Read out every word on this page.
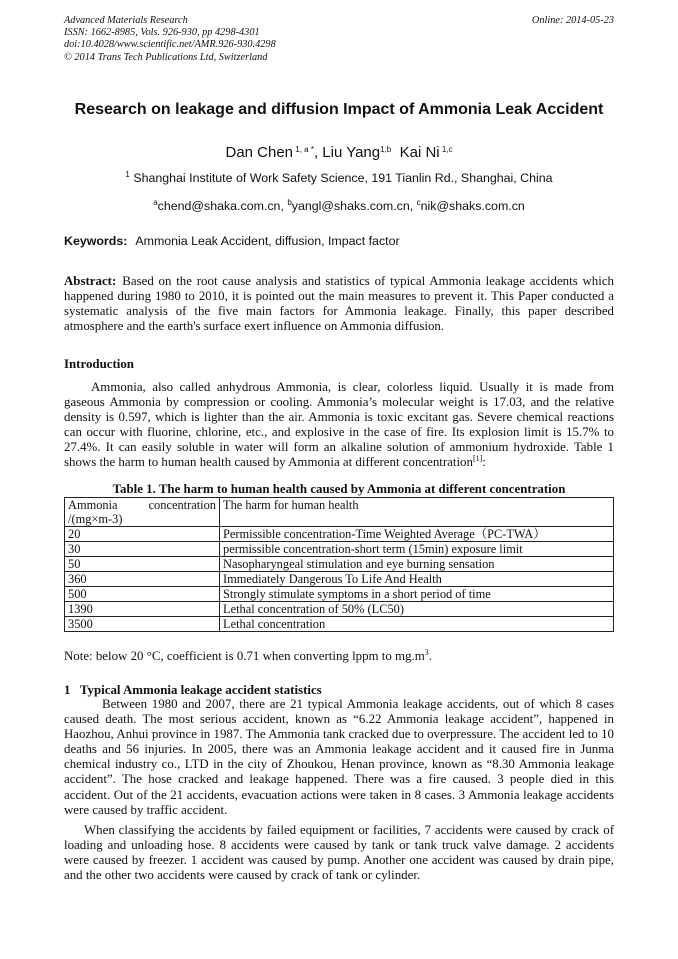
Advanced Materials Research
ISSN: 1662-8985, Vols. 926-930, pp 4298-4301
doi:10.4028/www.scientific.net/AMR.926-930.4298
© 2014 Trans Tech Publications Ltd, Switzerland
Online: 2014-05-23
Research on leakage and diffusion Impact of Ammonia Leak Accident
Dan Chen $^{1, a *}$, Liu Yang$^{1,b}$ Kai Ni $^{1,c}$
$^1$ Shanghai Institute of Work Safety Science, 191 Tianlin Rd., Shanghai, China
$^a$chend@shaka.com.cn, $^b$yangl@shaks.com.cn, $^c$nik@shaks.com.cn
Keywords: Ammonia Leak Accident, diffusion, Impact factor
Abstract: Based on the root cause analysis and statistics of typical Ammonia leakage accidents which happened during 1980 to 2010, it is pointed out the main measures to prevent it. This Paper conducted a systematic analysis of the five main factors for Ammonia leakage. Finally, this paper described atmosphere and the earth's surface exert influence on Ammonia diffusion.
Introduction
Ammonia, also called anhydrous Ammonia, is clear, colorless liquid. Usually it is made from gaseous Ammonia by compression or cooling. Ammonia’s molecular weight is 17.03, and the relative density is 0.597, which is lighter than the air. Ammonia is toxic excitant gas. Severe chemical reactions can occur with fluorine, chlorine, etc., and explosive in the case of fire. Its explosion limit is 15.7% to 27.4%. It can easily soluble in water will form an alkaline solution of ammonium hydroxide. Table 1 shows the harm to human health caused by Ammonia at different concentration[1]:
Table 1. The harm to human health caused by Ammonia at different concentration
Ammonia concentration
/(mg×m-3)	The harm for human health
20	Permissible concentration-Time Weighted Average（PC-TWA）
30	permissible concentration-short term (15min) exposure limit
50	Nasopharyngeal stimulation and eye burning sensation
360	Immediately Dangerous To Life And Health
500	Strongly stimulate symptoms in a short period of time
1390	Lethal concentration of 50% (LC50)
3500	Lethal concentration
Note: below 20 °C, coefficient is 0.71 when converting lppm to $mg.m^3$.
1   Typical Ammonia leakage accident statistics
Between 1980 and 2007, there are 21 typical Ammonia leakage accidents, out of which 8 cases caused death. The most serious accident, known as “6.22 Ammonia leakage accident”, happened in Haozhou, Anhui province in 1987. The Ammonia tank cracked due to overpressure. The accident led to 10 deaths and 56 injuries. In 2005, there was an Ammonia leakage accident and it caused fire in Junma chemical industry co., LTD in the city of Zhoukou, Henan province, known as “8.30 Ammonia leakage accident”. The hose cracked and leakage happened. There was a fire caused. 3 people died in this accident. Out of the 21 accidents, evacuation actions were taken in 8 cases. 3 Ammonia leakage accidents were caused by traffic accident.
When classifying the accidents by failed equipment or facilities, 7 accidents were caused by crack of loading and unloading hose. 8 accidents were caused by tank or tank truck valve damage. 2 accidents were caused by freezer. 1 accident was caused by pump. Another one accident was caused by drain pipe, and the other two accidents were caused by crack of tank or cylinder.
